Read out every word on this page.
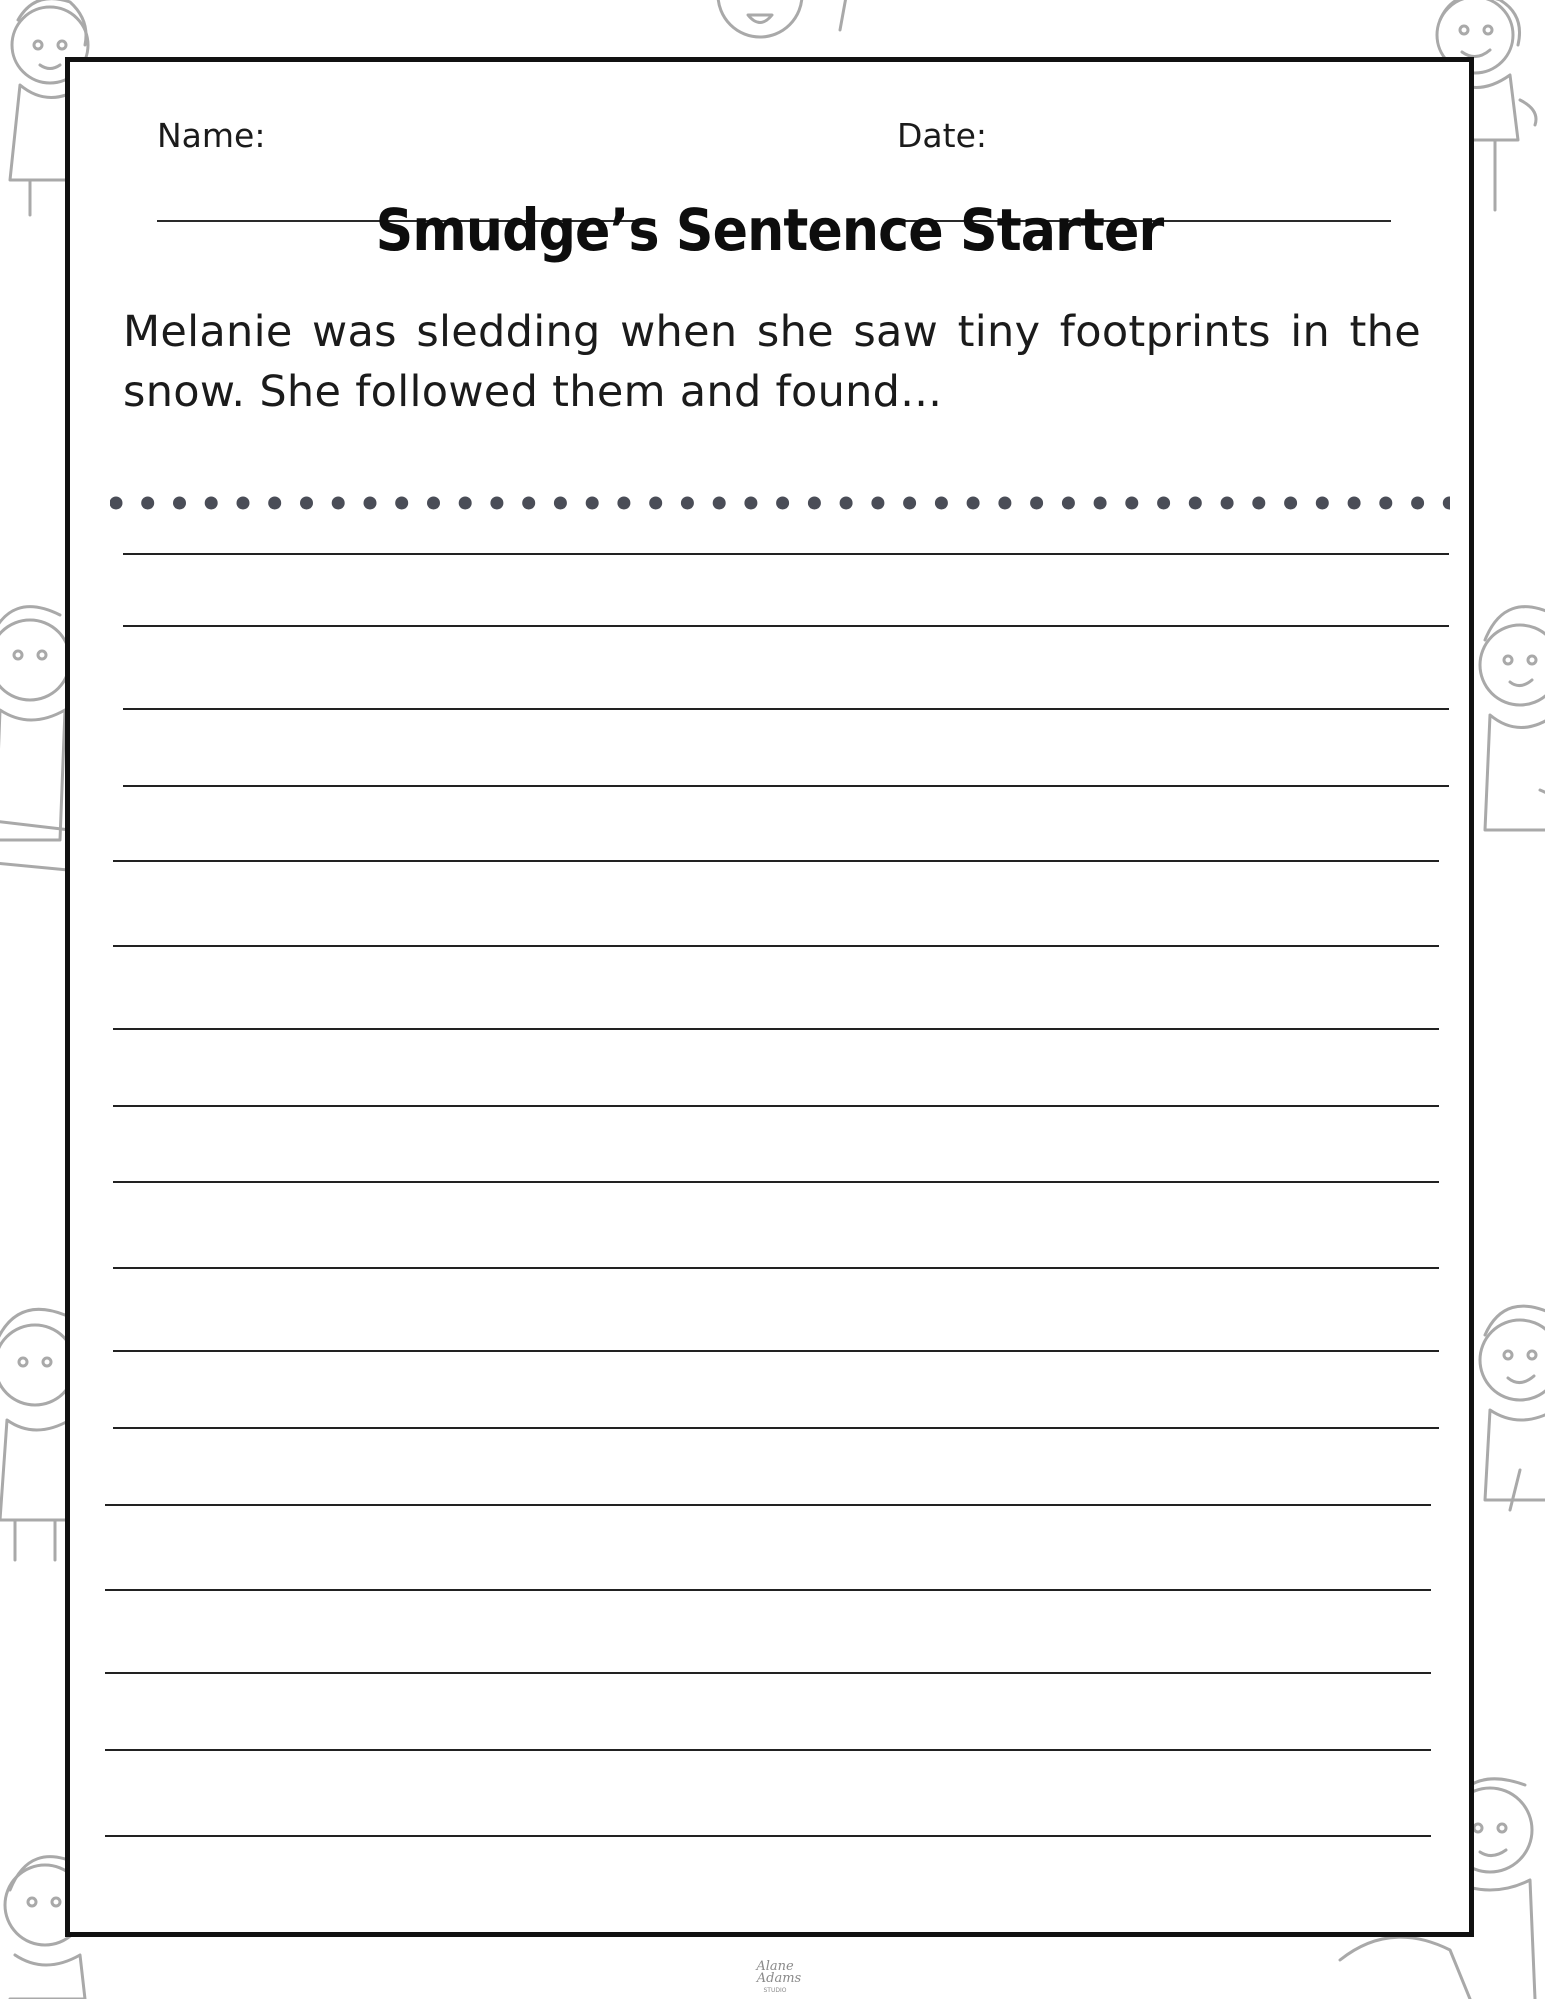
Name:	Date:
Smudge’s Sentence Starter
Melanie was sledding when she saw tiny footprints in the snow. She followed them and found...
Alane
Adams
STUDIO
